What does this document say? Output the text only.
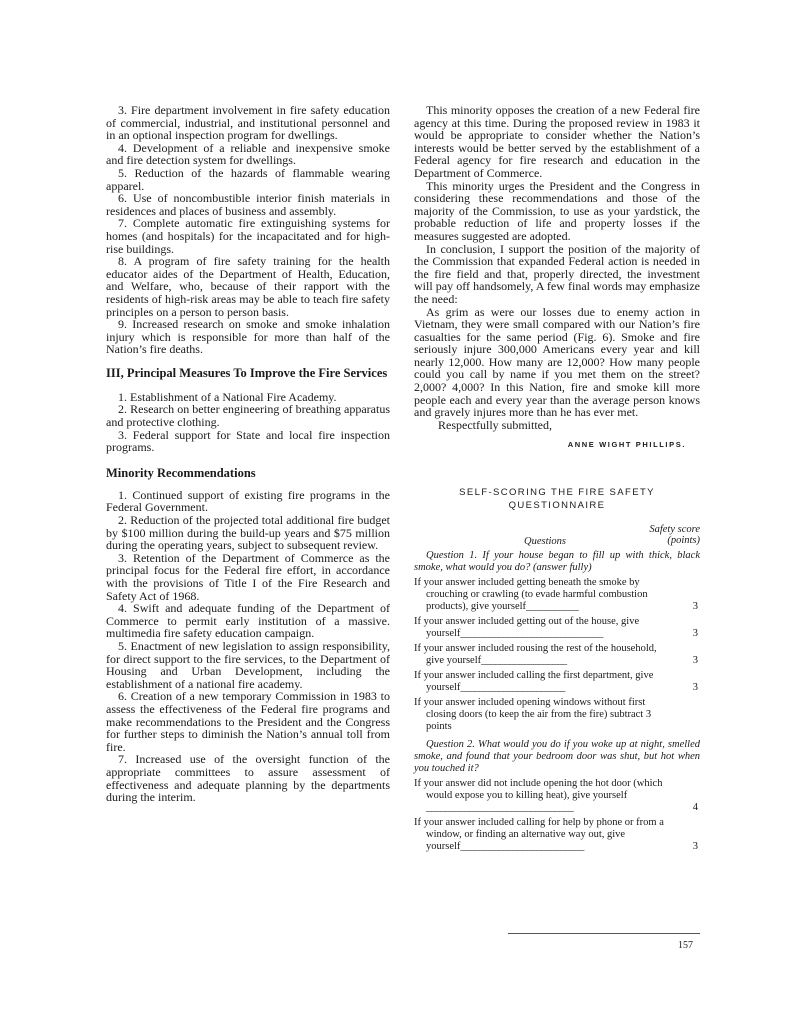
3. Fire department involvement in fire safety education of commercial, industrial, and institutional personnel and in an optional inspection program for dwellings.

4. Development of a reliable and inexpensive smoke and fire detection system for dwellings.

5. Reduction of the hazards of flammable wearing apparel.

6. Use of noncombustible interior finish materials in residences and places of business and assembly.

7. Complete automatic fire extinguishing systems for homes (and hospitals) for the incapacitated and for high-rise buildings.

8. A program of fire safety training for the health educator aides of the Department of Health, Education, and Welfare, who, because of their rapport with the residents of high-risk areas may be able to teach fire safety principles on a person to person basis.

9. Increased research on smoke and smoke inhalation injury which is responsible for more than half of the Nation’s fire deaths.

III, Principal Measures To Improve the Fire Services

1. Establishment of a National Fire Academy.

2. Research on better engineering of breathing apparatus and protective clothing.

3. Federal support for State and local fire inspection programs.

Minority Recommendations

1. Continued support of existing fire programs in the Federal Government.

2. Reduction of the projected total additional fire budget by $100 million during the build-up years and $75 million during the operating years, subject to subsequent review.

3. Retention of the Department of Commerce as the principal focus for the Federal fire effort, in accordance with the provisions of Title I of the Fire Research and Safety Act of 1968.

4. Swift and adequate funding of the Department of Commerce to permit early institution of a massive. multimedia fire safety education campaign.

5. Enactment of new legislation to assign responsibility, for direct support to the fire services, to the Department of Housing and Urban Development, including the establishment of a national fire academy.

6. Creation of a new temporary Commission in 1983 to assess the effectiveness of the Federal fire programs and make recommendations to the President and the Congress for further steps to diminish the Nation’s annual toll from fire.

7. Increased use of the oversight function of the appropriate committees to assure assessment of effectiveness and adequate planning by the departments during the interim.

This minority opposes the creation of a new Federal fire agency at this time. During the proposed review in 1983 it would be appropriate to consider whether the Nation’s interests would be better served by the establishment of a Federal agency for fire research and education in the Department of Commerce.

This minority urges the President and the Congress in considering these recommendations and those of the majority of the Commission, to use as your yardstick, the probable reduction of life and property losses if the measures suggested are adopted.

In conclusion, I support the position of the majority of the Commission that expanded Federal action is needed in the fire field and that, properly directed, the investment will pay off handsomely, A few final words may emphasize the need:

As grim as were our losses due to enemy action in Vietnam, they were small compared with our Nation’s fire casualties for the same period (Fig. 6). Smoke and fire seriously injure 300,000 Americans every year and kill nearly 12,000. How many are 12,000? How many people could you call by name if you met them on the street? 2,000? 4,000? In this Nation, fire and smoke kill more people each and every year than the average person knows and gravely injures more than he has ever met.

Respectfully submitted,

ANNE WIGHT PHILLIPS.

SELF-SCORING THE FIRE SAFETY
QUESTIONNAIRE
Questions
Safety score
(points)

Question 1. If your house began to fill up with thick, black smoke, what would you do? (answer fully)

If your answer included getting beneath the smoke by crouching or crawling (to evade harmful combustion products), give yourself___________	3
If your answer included getting out of the house, give yourself______________________________	3
If your answer included rousing the rest of the household, give yourself__________________	3
If your answer included calling the first department, give yourself______________________	3
If your answer included opening windows without first closing doors (to keep the air from the fire) subtract 3 points

Question 2. What would you do if you woke up at night, smelled smoke, and found that your bedroom door was shut, but hot when you touched it?

If your answer did not include opening the hot door (which would expose you to killing heat), give yourself _______________________________	4
If your answer included calling for help by phone or from a window, or finding an alternative way out, give yourself__________________________	3
157
